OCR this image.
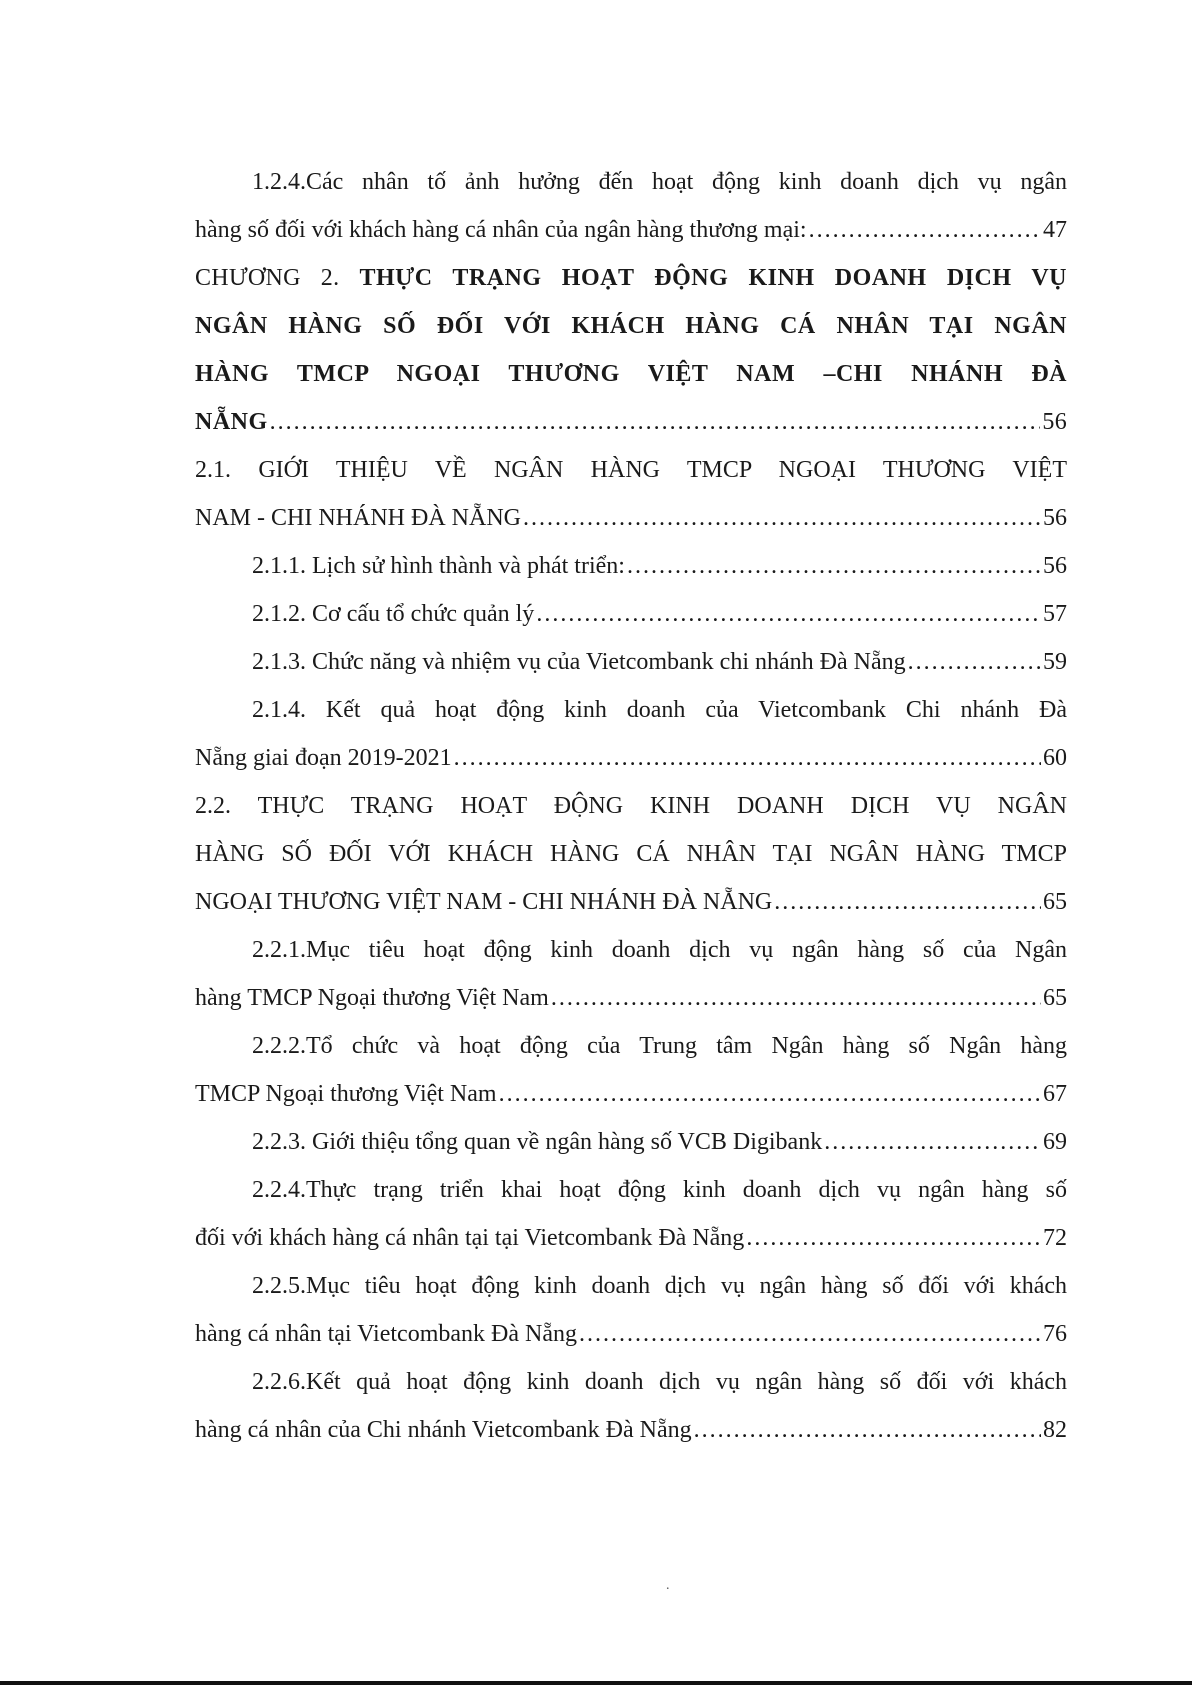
1.2.4.Các nhân tố ảnh hưởng đến hoạt động kinh doanh dịch vụ ngân
hàng số đối với khách hàng cá nhân của ngân hàng thương mại: .....	47
CHƯƠNG 2. THỰC TRẠNG HOẠT ĐỘNG KINH DOANH DỊCH VỤ
NGÂN HÀNG SỐ ĐỐI VỚI KHÁCH HÀNG CÁ NHÂN TẠI NGÂN
HÀNG TMCP NGOẠI THƯƠNG VIỆT NAM –CHI NHÁNH ĐÀ
NẴNG .....	56
2.1. GIỚI THIỆU VỀ NGÂN HÀNG TMCP NGOẠI THƯƠNG VIỆT
NAM - CHI NHÁNH ĐÀ NẴNG .....	56
2.1.1. Lịch sử hình thành và phát triển: .....	56
2.1.2. Cơ cấu tổ chức quản lý .....	57
2.1.3. Chức năng và nhiệm vụ của Vietcombank chi nhánh Đà Nẵng .....	59
2.1.4. Kết quả hoạt động kinh doanh của Vietcombank Chi nhánh Đà
Nẵng giai đoạn 2019-2021 .....	60
2.2. THỰC TRẠNG HOẠT ĐỘNG KINH DOANH DỊCH VỤ NGÂN
HÀNG SỐ ĐỐI VỚI KHÁCH HÀNG CÁ NHÂN TẠI NGÂN HÀNG TMCP
NGOẠI THƯƠNG VIỆT NAM - CHI NHÁNH ĐÀ NẴNG .....	65
2.2.1.Mục tiêu hoạt động kinh doanh dịch vụ ngân hàng số của Ngân
hàng TMCP Ngoại thương Việt Nam .....	65
2.2.2.Tổ chức và hoạt động của Trung tâm Ngân hàng số Ngân hàng
TMCP Ngoại thương Việt Nam .....	67
2.2.3. Giới thiệu tổng quan về ngân hàng số VCB Digibank .....	69
2.2.4.Thực trạng triển khai hoạt động kinh doanh dịch vụ ngân hàng số
đối với khách hàng cá nhân tại tại Vietcombank Đà Nẵng .....	72
2.2.5.Mục tiêu hoạt động kinh doanh dịch vụ ngân hàng số đối với khách
hàng cá nhân tại Vietcombank Đà Nẵng .....	76
2.2.6.Kết quả hoạt động kinh doanh dịch vụ ngân hàng số đối với khách
hàng cá nhân của Chi nhánh Vietcombank Đà Nẵng .....	82
.
